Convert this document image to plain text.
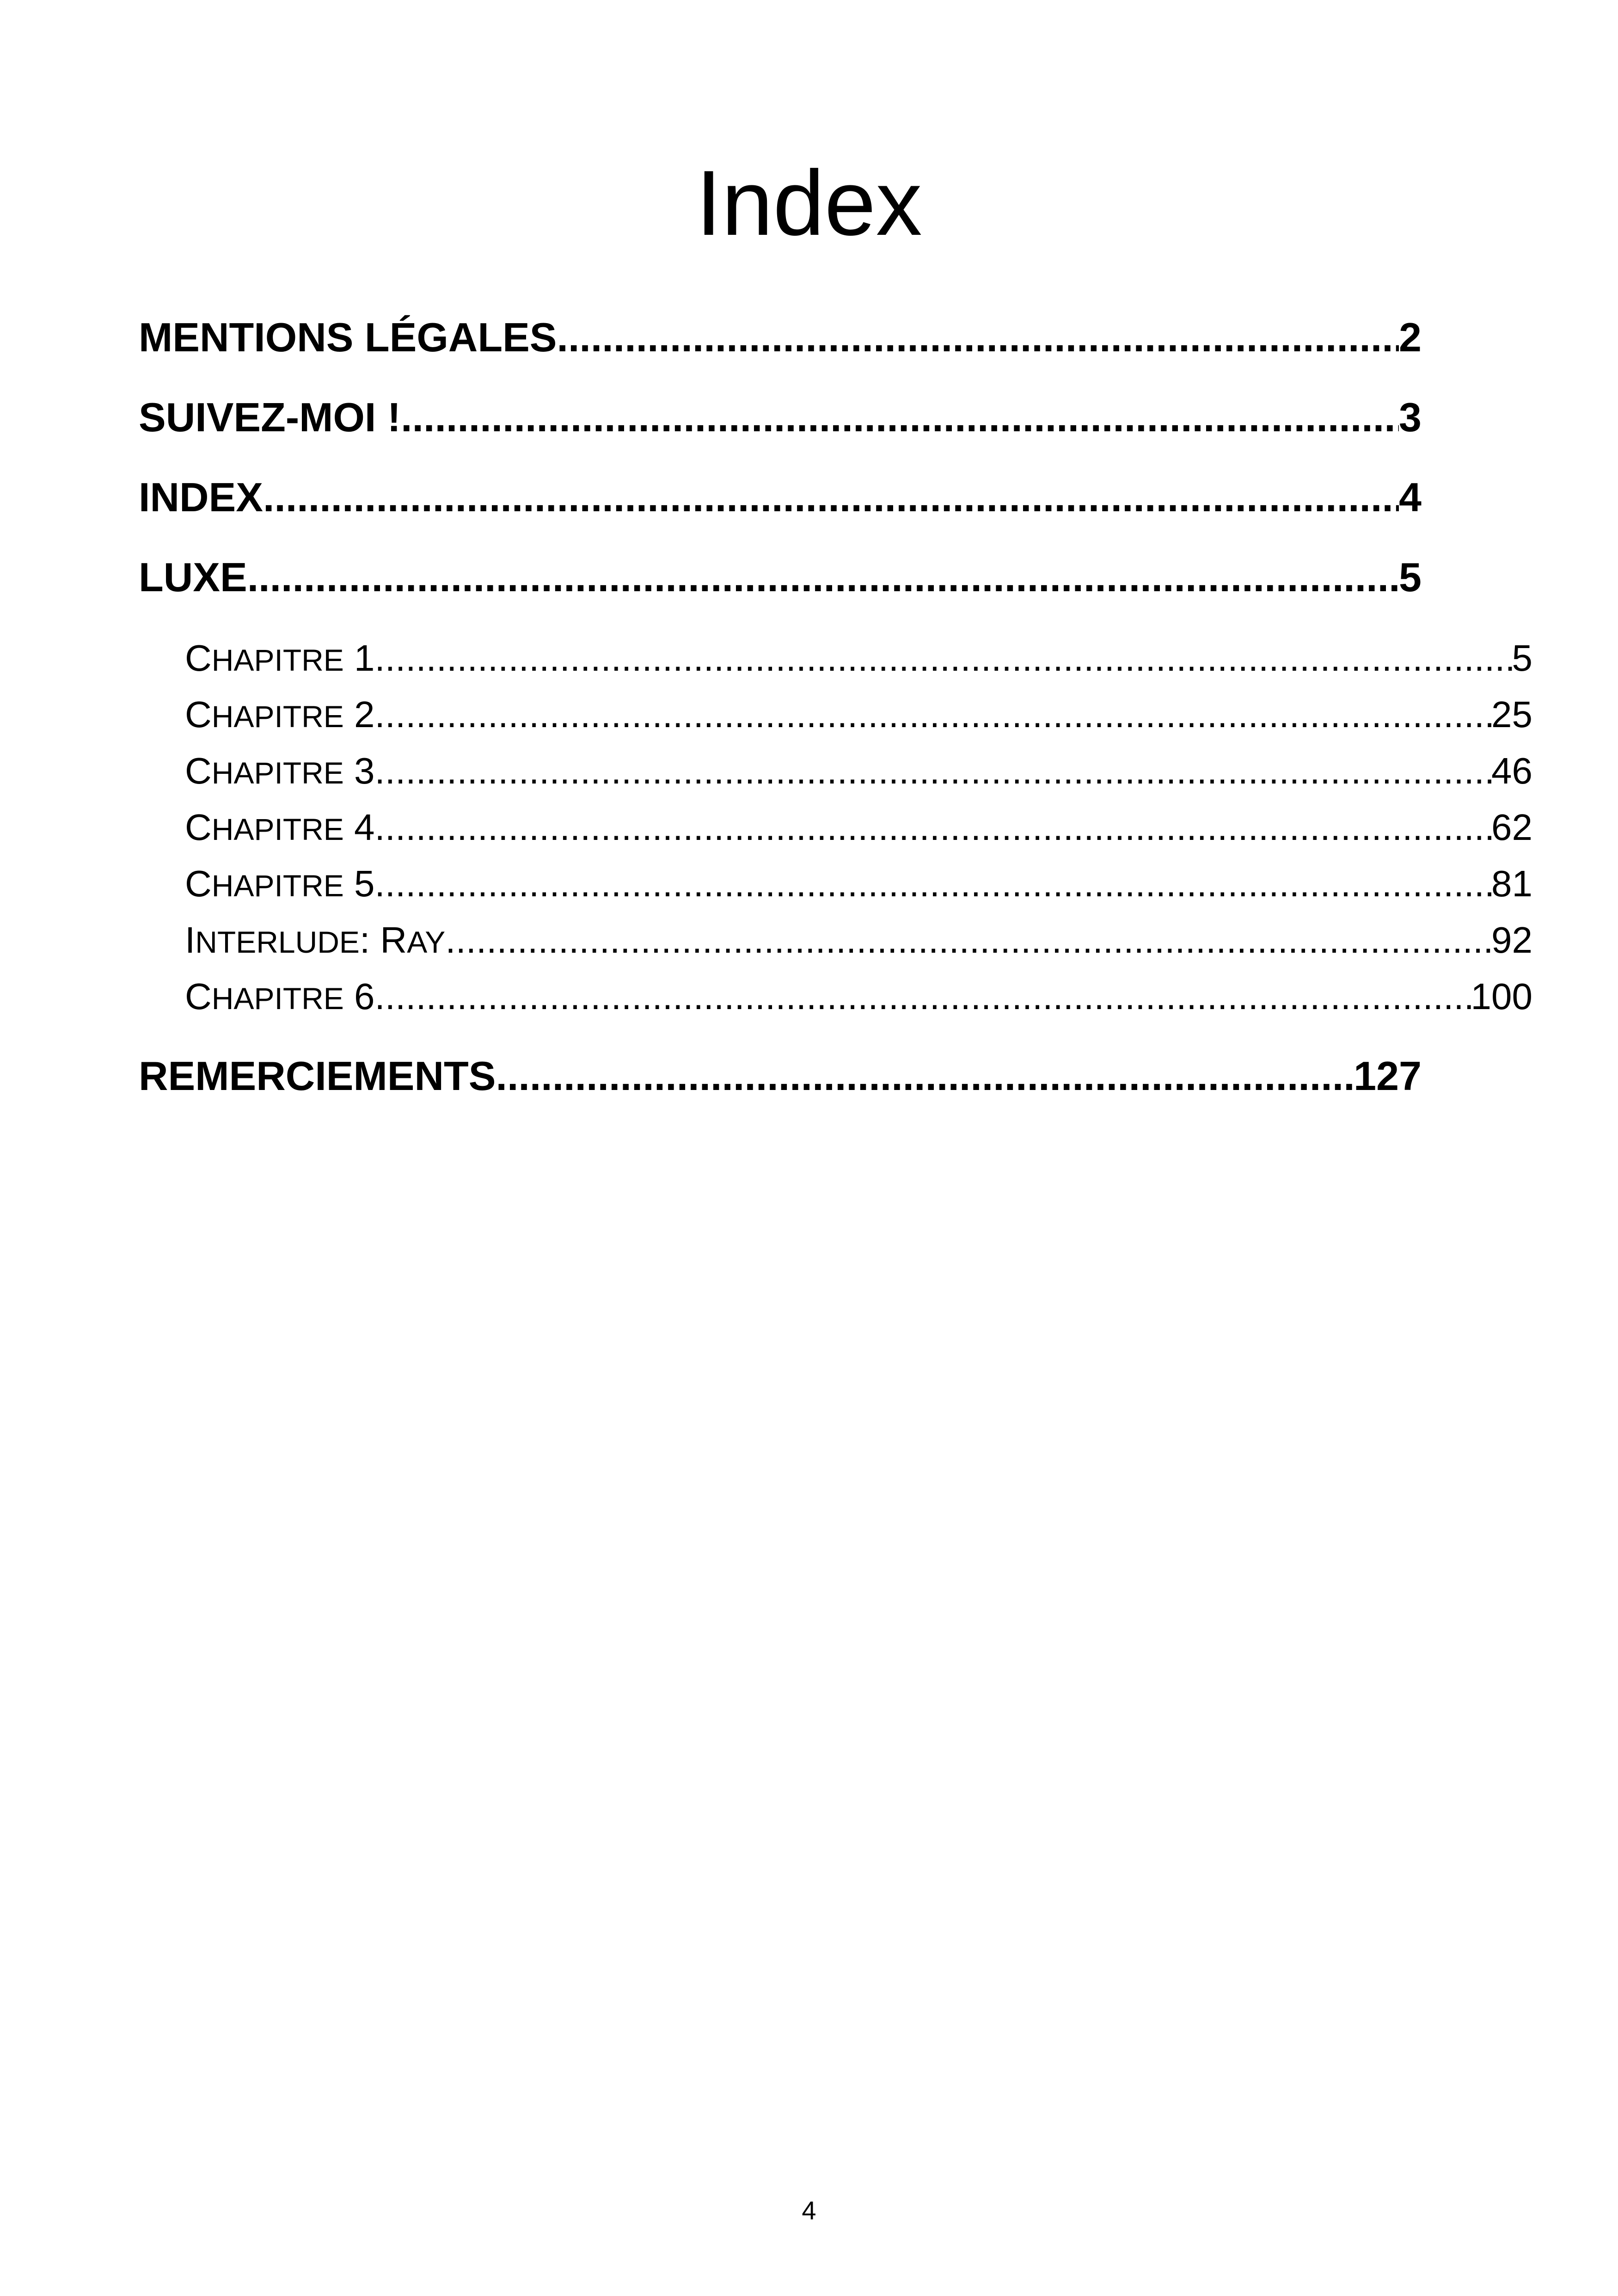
Index
MENTIONS LÉGALES .....	2
SUIVEZ-MOI ! .....	3
INDEX .....	4
LUXE .....	5
CHAPITRE 1 .....	5
CHAPITRE 2 .....	25
CHAPITRE 3 .....	46
CHAPITRE 4 .....	62
CHAPITRE 5 .....	81
INTERLUDE: RAY .....	92
CHAPITRE 6 .....	100
REMERCIEMENTS .....	127
4
